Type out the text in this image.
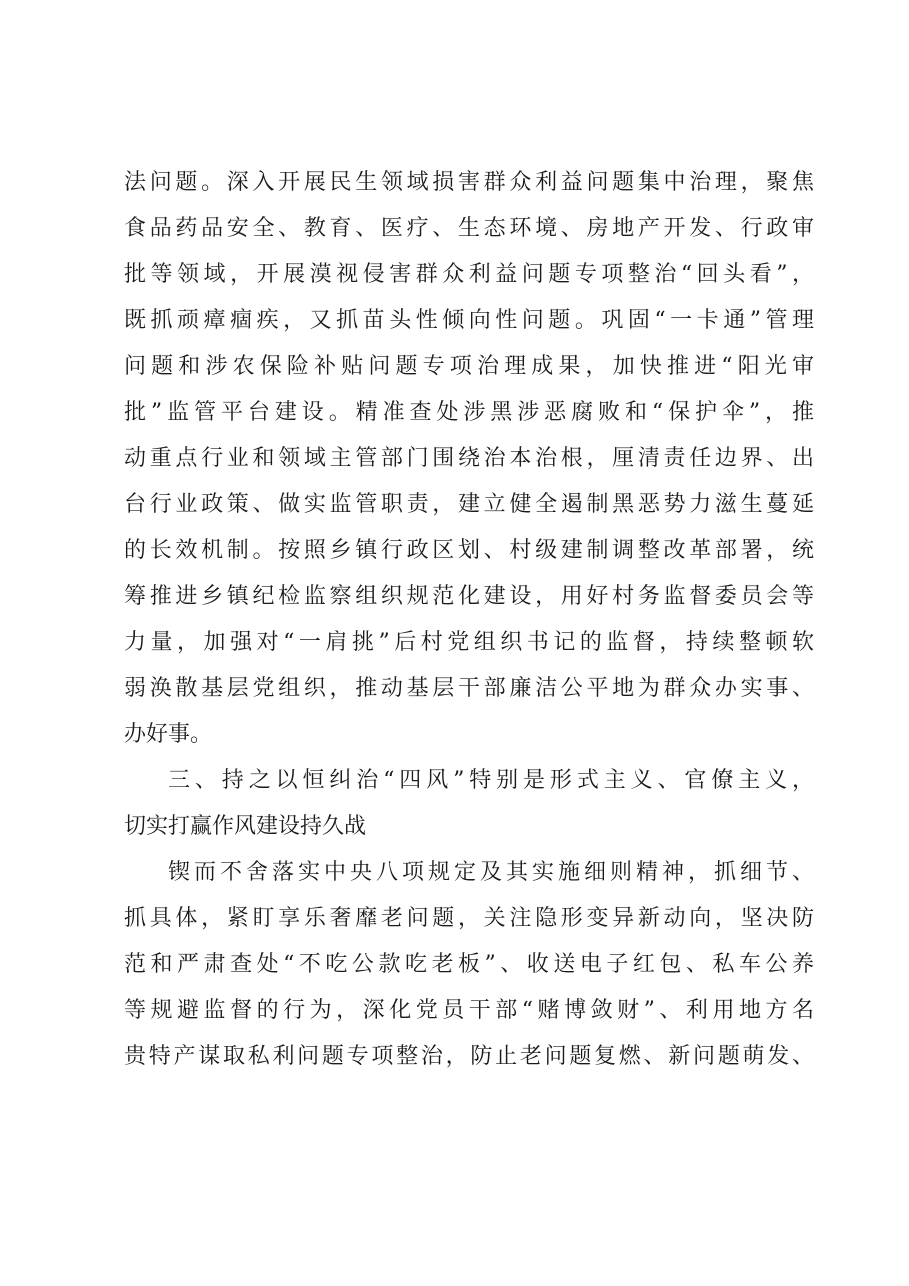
法问题。深入开展民生领域损害群众利益问题集中治理，聚焦
食品药品安全、教育、医疗、生态环境、房地产开发、行政审
批等领域，开展漠视侵害群众利益问题专项整治“回头看”，
既抓顽瘴痼疾，又抓苗头性倾向性问题。巩固“一卡通”管理
问题和涉农保险补贴问题专项治理成果，加快推进“阳光审
批”监管平台建设。精准查处涉黑涉恶腐败和“保护伞”，推
动重点行业和领域主管部门围绕治本治根，厘清责任边界、出
台行业政策、做实监管职责，建立健全遏制黑恶势力滋生蔓延
的长效机制。按照乡镇行政区划、村级建制调整改革部署，统
筹推进乡镇纪检监察组织规范化建设，用好村务监督委员会等
力量，加强对“一肩挑”后村党组织书记的监督，持续整顿软
弱涣散基层党组织，推动基层干部廉洁公平地为群众办实事、
办好事。
三、持之以恒纠治“四风”特别是形式主义、官僚主义，
切实打赢作风建设持久战
锲而不舍落实中央八项规定及其实施细则精神，抓细节、
抓具体，紧盯享乐奢靡老问题，关注隐形变异新动向，坚决防
范和严肃查处“不吃公款吃老板”、收送电子红包、私车公养
等规避监督的行为，深化党员干部“赌博敛财”、利用地方名
贵特产谋取私利问题专项整治，防止老问题复燃、新问题萌发、
